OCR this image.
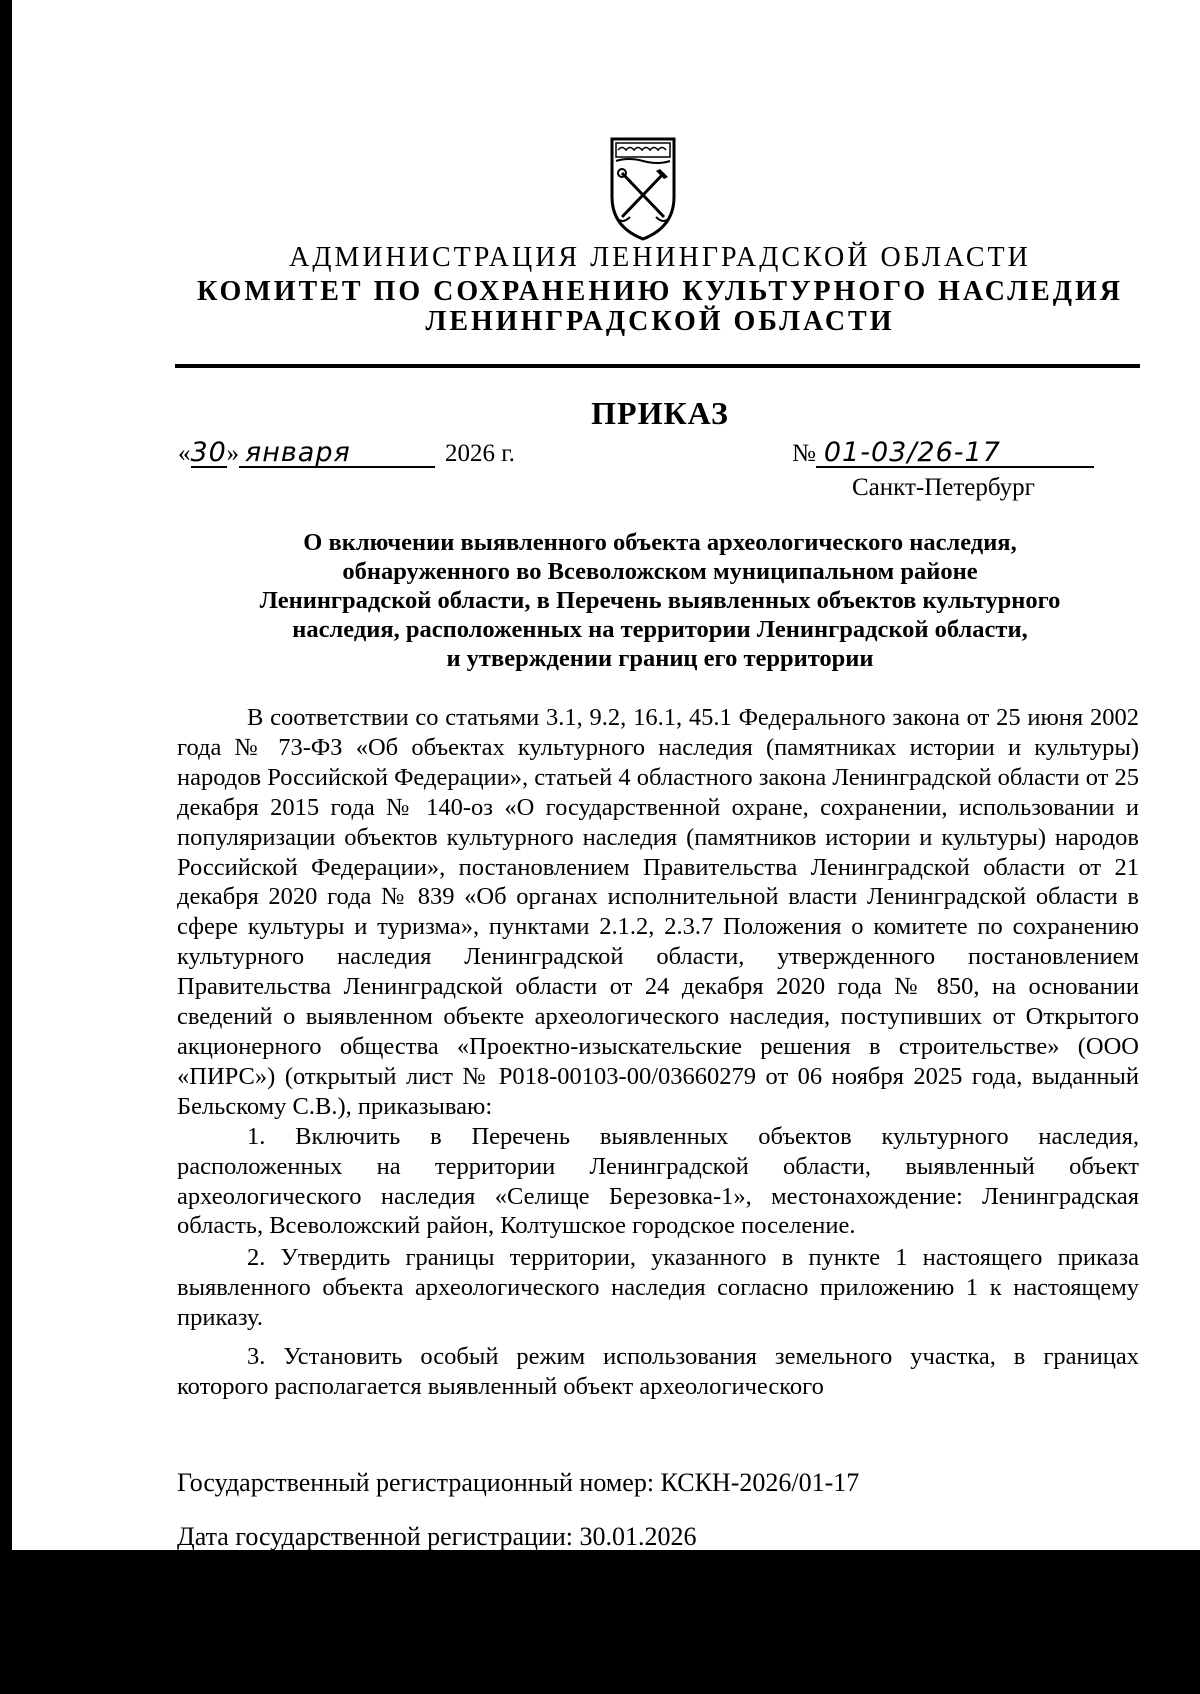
АДМИНИСТРАЦИЯ ЛЕНИНГРАДСКОЙ ОБЛАСТИ
КОМИТЕТ ПО СОХРАНЕНИЮ КУЛЬТУРНОГО НАСЛЕДИЯ
ЛЕНИНГРАДСКОЙ ОБЛАСТИ
ПРИКАЗ
«30» января	2026 г.	№ 01-03/26-17
Санкт-Петербург
О включении выявленного объекта археологического наследия,
обнаруженного во Всеволожском муниципальном районе
Ленинградской области, в Перечень выявленных объектов культурного
наследия, расположенных на территории Ленинградской области,
и утверждении границ его территории

В соответствии со статьями 3.1, 9.2, 16.1, 45.1 Федерального закона от 25 июня 2002 года № 73-ФЗ «Об объектах культурного наследия (памятниках истории и культуры) народов Российской Федерации», статьей 4 областного закона Ленинградской области от 25 декабря 2015 года № 140-оз «О государственной охране, сохранении, использовании и популяризации объектов культурного наследия (памятников истории и культуры) народов Российской Федерации», постановлением Правительства Ленинградской области от 21 декабря 2020 года № 839 «Об органах исполнительной власти Ленинградской области в сфере культуры и туризма», пунктами 2.1.2, 2.3.7 Положения о комитете по сохранению культурного наследия Ленинградской области, утвержденного постановлением Правительства Ленинградской области от 24 декабря 2020 года № 850, на основании сведений о выявленном объекте археологического наследия, поступивших от Открытого акционерного общества «Проектно-изыскательские решения в строительстве» (ООО «ПИРС») (открытый лист № Р018-00103-00/03660279 от 06 ноября 2025 года, выданный Бельскому С.В.), приказываю:

1. Включить в Перечень выявленных объектов культурного наследия, расположенных на территории Ленинградской области, выявленный объект археологического наследия «Селище Березовка-1», местонахождение: Ленинградская область, Всеволожский район, Колтушское городское поселение.

2. Утвердить границы территории, указанного в пункте 1 настоящего приказа выявленного объекта археологического наследия согласно приложению 1 к настоящему приказу.

3. Установить особый режим использования земельного участка, в границах которого располагается выявленный объект археологического

Государственный регистрационный номер: КСКН-2026/01-17
Дата государственной регистрации: 30.01.2026
